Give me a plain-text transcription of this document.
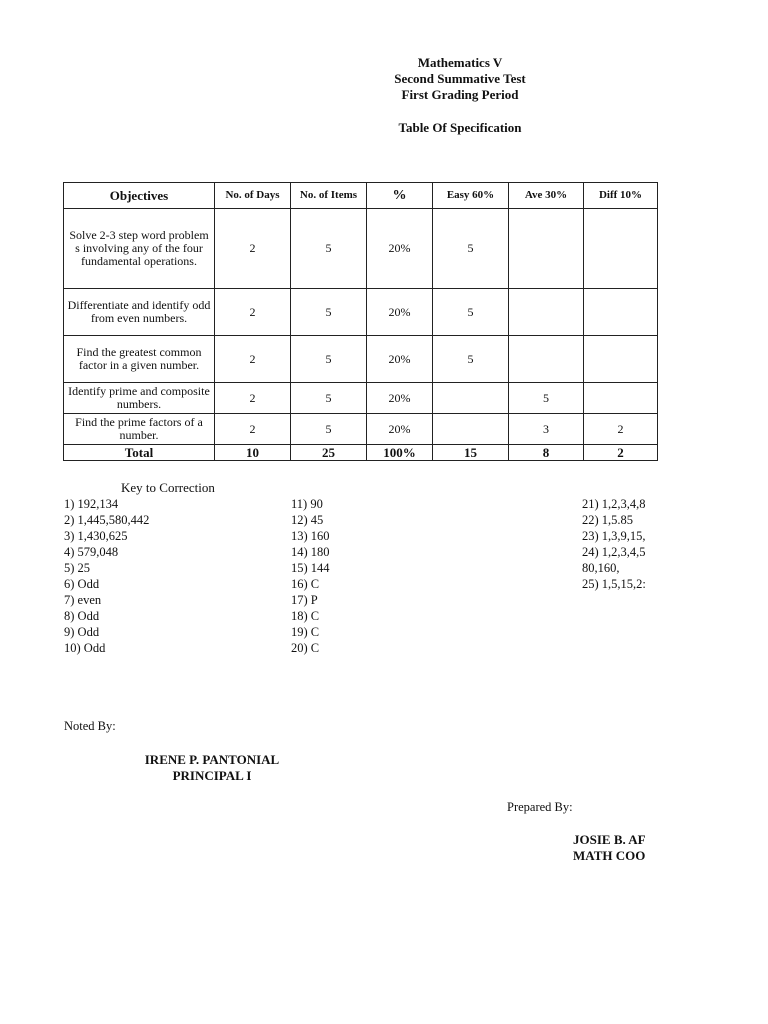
Mathematics V
Second Summative Test
First Grading Period
Table Of Specification
Objectives	No. of Days	No. of Items	%	Easy 60%	Ave 30%	Diff 10%
Solve 2-3 step word problem s involving any of the four fundamental operations.	2	5	20%	5		
Differentiate and identify odd from even numbers.	2	5	20%	5		
Find the greatest common factor in a given number.	2	5	20%	5		
Identify prime and composite numbers.	2	5	20%		5	
Find the prime factors of a number.	2	5	20%		3	2
Total	10	25	100%	15	8	2
Key to Correction
1) 192,134
2) 1,445,580,442
3) 1,430,625
4) 579,048
5) 25
6) Odd
7) even
8) Odd
9) Odd
10) Odd
11) 90
12) 45
13) 160
14) 180
15) 144
16) C
17) P
18) C
19) C
20) C
21) 1,2,3,4,8
22) 1,5.85
23) 1,3,9,15,
24) 1,2,3,4,5
80,160,
25) 1,5,15,2:
Noted By:
IRENE P. PANTONIAL
PRINCIPAL I
Prepared By:
JOSIE B. AF
MATH COO
